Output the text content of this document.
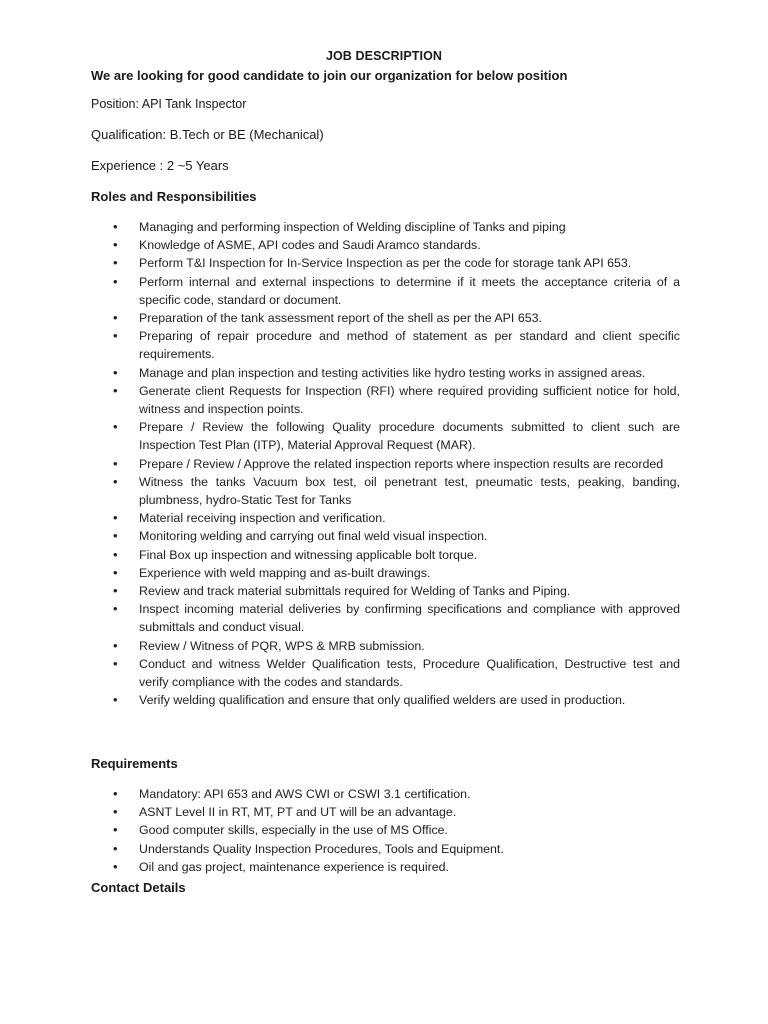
JOB DESCRIPTION
We are looking for good candidate to join our organization for below position
Position: API Tank Inspector
Qualification: B.Tech or BE (Mechanical)
Experience : 2 ~5 Years
Roles and Responsibilities
• Managing and performing inspection of Welding discipline of Tanks and piping
• Knowledge of ASME, API codes and Saudi Aramco standards.
• Perform T&I Inspection for In-Service Inspection as per the code for storage tank API 653.
• Perform internal and external inspections to determine if it meets the acceptance criteria of a specific code, standard or document.
• Preparation of the tank assessment report of the shell as per the API 653.
• Preparing of repair procedure and method of statement as per standard and client specific requirements.
• Manage and plan inspection and testing activities like hydro testing works in assigned areas.
• Generate client Requests for Inspection (RFI) where required providing sufficient notice for hold, witness and inspection points.
• Prepare / Review the following Quality procedure documents submitted to client such are Inspection Test Plan (ITP), Material Approval Request (MAR).
• Prepare / Review / Approve the related inspection reports where inspection results are recorded
• Witness the tanks Vacuum box test, oil penetrant test, pneumatic tests, peaking, banding, plumbness, hydro-Static Test for Tanks
• Material receiving inspection and verification.
• Monitoring welding and carrying out final weld visual inspection.
• Final Box up inspection and witnessing applicable bolt torque.
• Experience with weld mapping and as-built drawings.
• Review and track material submittals required for Welding of Tanks and Piping.
• Inspect incoming material deliveries by confirming specifications and compliance with approved submittals and conduct visual.
• Review / Witness of PQR, WPS & MRB submission.
• Conduct and witness Welder Qualification tests, Procedure Qualification, Destructive test and verify compliance with the codes and standards.
• Verify welding qualification and ensure that only qualified welders are used in production.
Requirements
• Mandatory: API 653 and AWS CWI or CSWI 3.1 certification.
• ASNT Level II in RT, MT, PT and UT will be an advantage.
• Good computer skills, especially in the use of MS Office.
• Understands Quality Inspection Procedures, Tools and Equipment.
• Oil and gas project, maintenance experience is required.
Contact Details
